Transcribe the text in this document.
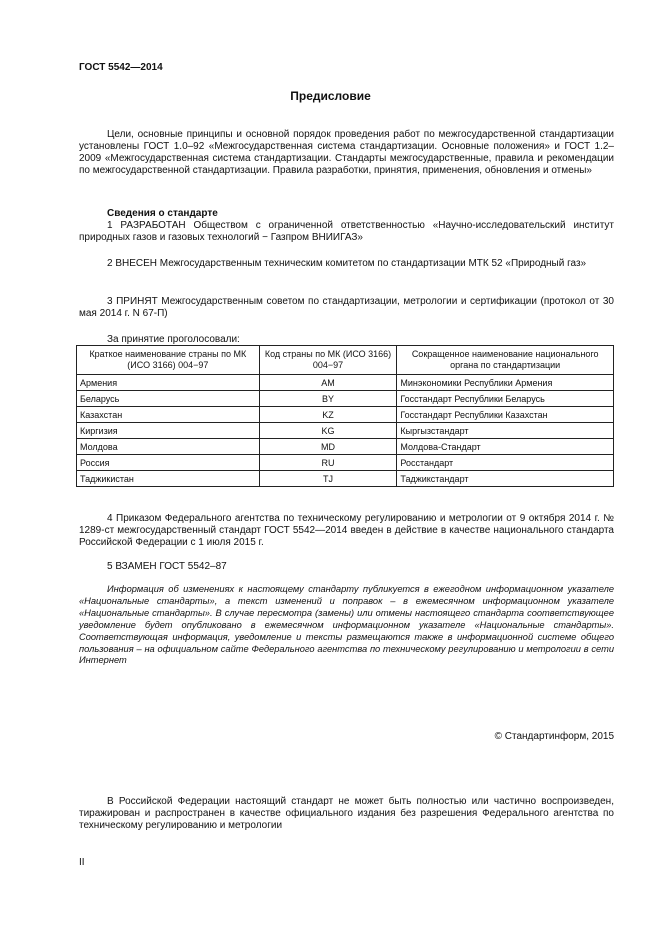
ГОСТ 5542—2014
Предисловие
Цели, основные принципы и основной порядок проведения работ по межгосударственной стандартизации установлены ГОСТ 1.0–92 «Межгосударственная система стандартизации. Основные положения» и ГОСТ 1.2–2009 «Межгосударственная система стандартизации. Стандарты межгосударственные, правила и рекомендации по межгосударственной стандартизации. Правила разработки, принятия, применения, обновления и отмены»
Сведения о стандарте
1 РАЗРАБОТАН Обществом с ограниченной ответственностью «Научно-исследовательский институт природных газов и газовых технологий − Газпром ВНИИГАЗ»
2 ВНЕСЕН Межгосударственным техническим комитетом по стандартизации МТК 52 «Природный газ»
3 ПРИНЯТ Межгосударственным советом по стандартизации, метрологии и сертификации (протокол от 30 мая 2014 г. N 67-П)
За принятие проголосовали:
Краткое наименование страны по МК (ИСО 3166) 004−97	Код страны по МК (ИСО 3166) 004−97	Сокращенное наименование национального органа по стандартизации
Армения	AM	Минэкономики Республики Армения
Беларусь	BY	Госстандарт Республики Беларусь
Казахстан	KZ	Госстандарт Республики Казахстан
Киргизия	KG	Кыргызстандарт
Молдова	MD	Молдова-Стандарт
Россия	RU	Росстандарт
Таджикистан	TJ	Таджикстандарт
4 Приказом Федерального агентства по техническому регулированию и метрологии от 9 октября 2014 г. № 1289-ст межгосударственный стандарт ГОСТ 5542—2014 введен в действие в качестве национального стандарта Российской Федерации с 1 июля 2015 г.
5 ВЗАМЕН ГОСТ 5542–87
Информация об изменениях к настоящему стандарту публикуется в ежегодном информационном указателе «Национальные стандарты», а текст изменений и поправок – в ежемесячном информационном указателе «Национальные стандарты». В случае пересмотра (замены) или отмены настоящего стандарта соответствующее уведомление будет опубликовано в ежемесячном информационном указателе «Национальные стандарты». Соответствующая информация, уведомление и тексты размещаются также в информационной системе общего пользования – на официальном сайте Федерального агентства по техническому регулированию и метрологии в сети Интернет
© Стандартинформ, 2015
В Российской Федерации настоящий стандарт не может быть полностью или частично воспроизведен, тиражирован и распространен в качестве официального издания без разрешения Федерального агентства по техническому регулированию и метрологии
II
